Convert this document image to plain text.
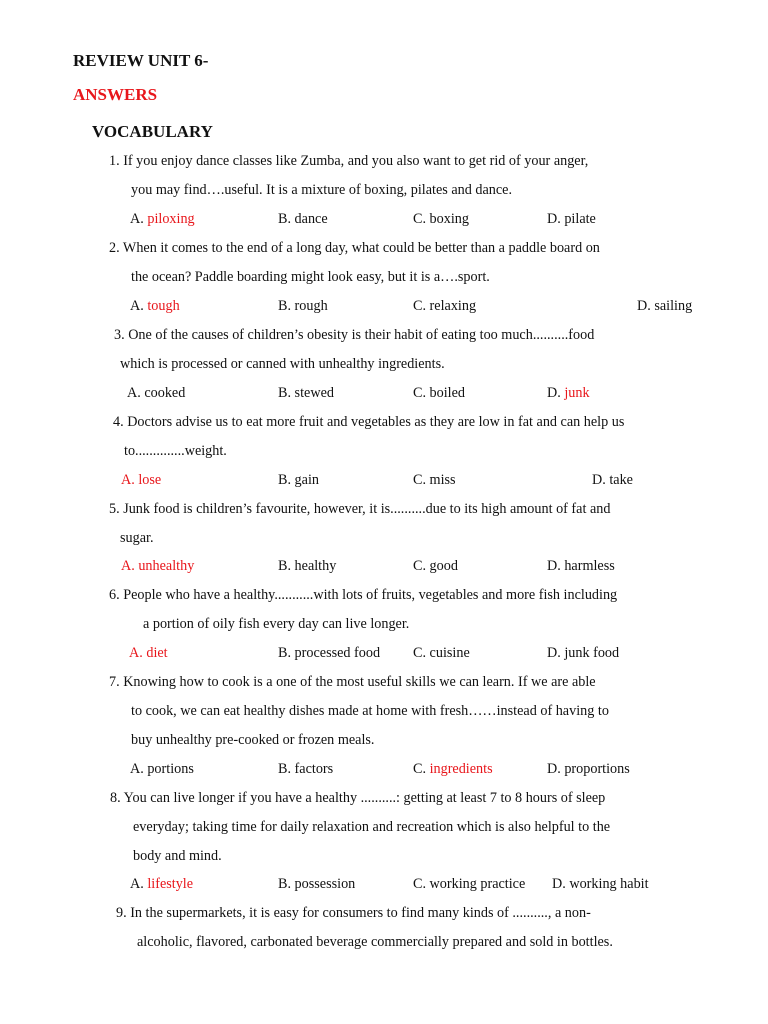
REVIEW UNIT 6-
ANSWERS
VOCABULARY
1. If you enjoy dance classes like Zumba, and you also want to get rid of your anger,
you may find….useful. It is a mixture of boxing, pilates and dance.
A. piloxing	B. dance	C. boxing	D. pilate
2. When it comes to the end of a long day, what could be better than a paddle board on
the ocean? Paddle boarding might look easy, but it is a….sport.
A. tough	B. rough	C. relaxing	D. sailing
3. One of the causes of children’s obesity is their habit of eating too much..........food
which is processed or canned with unhealthy ingredients.
A. cooked	B. stewed	C. boiled	D. junk
4. Doctors advise us to eat more fruit and vegetables as they are low in fat and can help us
to..............weight.
A. lose	B. gain	C. miss	D. take
5. Junk food is children’s favourite, however, it is..........due to its high amount of fat and
sugar.
A. unhealthy	B. healthy	C. good	D. harmless
6. People who have a healthy...........with lots of fruits, vegetables and more fish including
a portion of oily fish every day can live longer.
A. diet	B. processed food C. cuisine	D. junk food
7. Knowing how to cook is a one of the most useful skills we can learn. If we are able
to cook, we can eat healthy dishes made at home with fresh……instead of having to
buy unhealthy pre-cooked or frozen meals.
A. portions	B. factors	C. ingredients	D. proportions
8. You can live longer if you have a healthy ..........: getting at least 7 to 8 hours of sleep
everyday; taking time for daily relaxation and recreation which is also helpful to the
body and mind.
A. lifestyle	B. possession	C. working practice D. working habit
9. In the supermarkets, it is easy for consumers to find many kinds of .........., a non-
alcoholic, flavored, carbonated beverage commercially prepared and sold in bottles.
